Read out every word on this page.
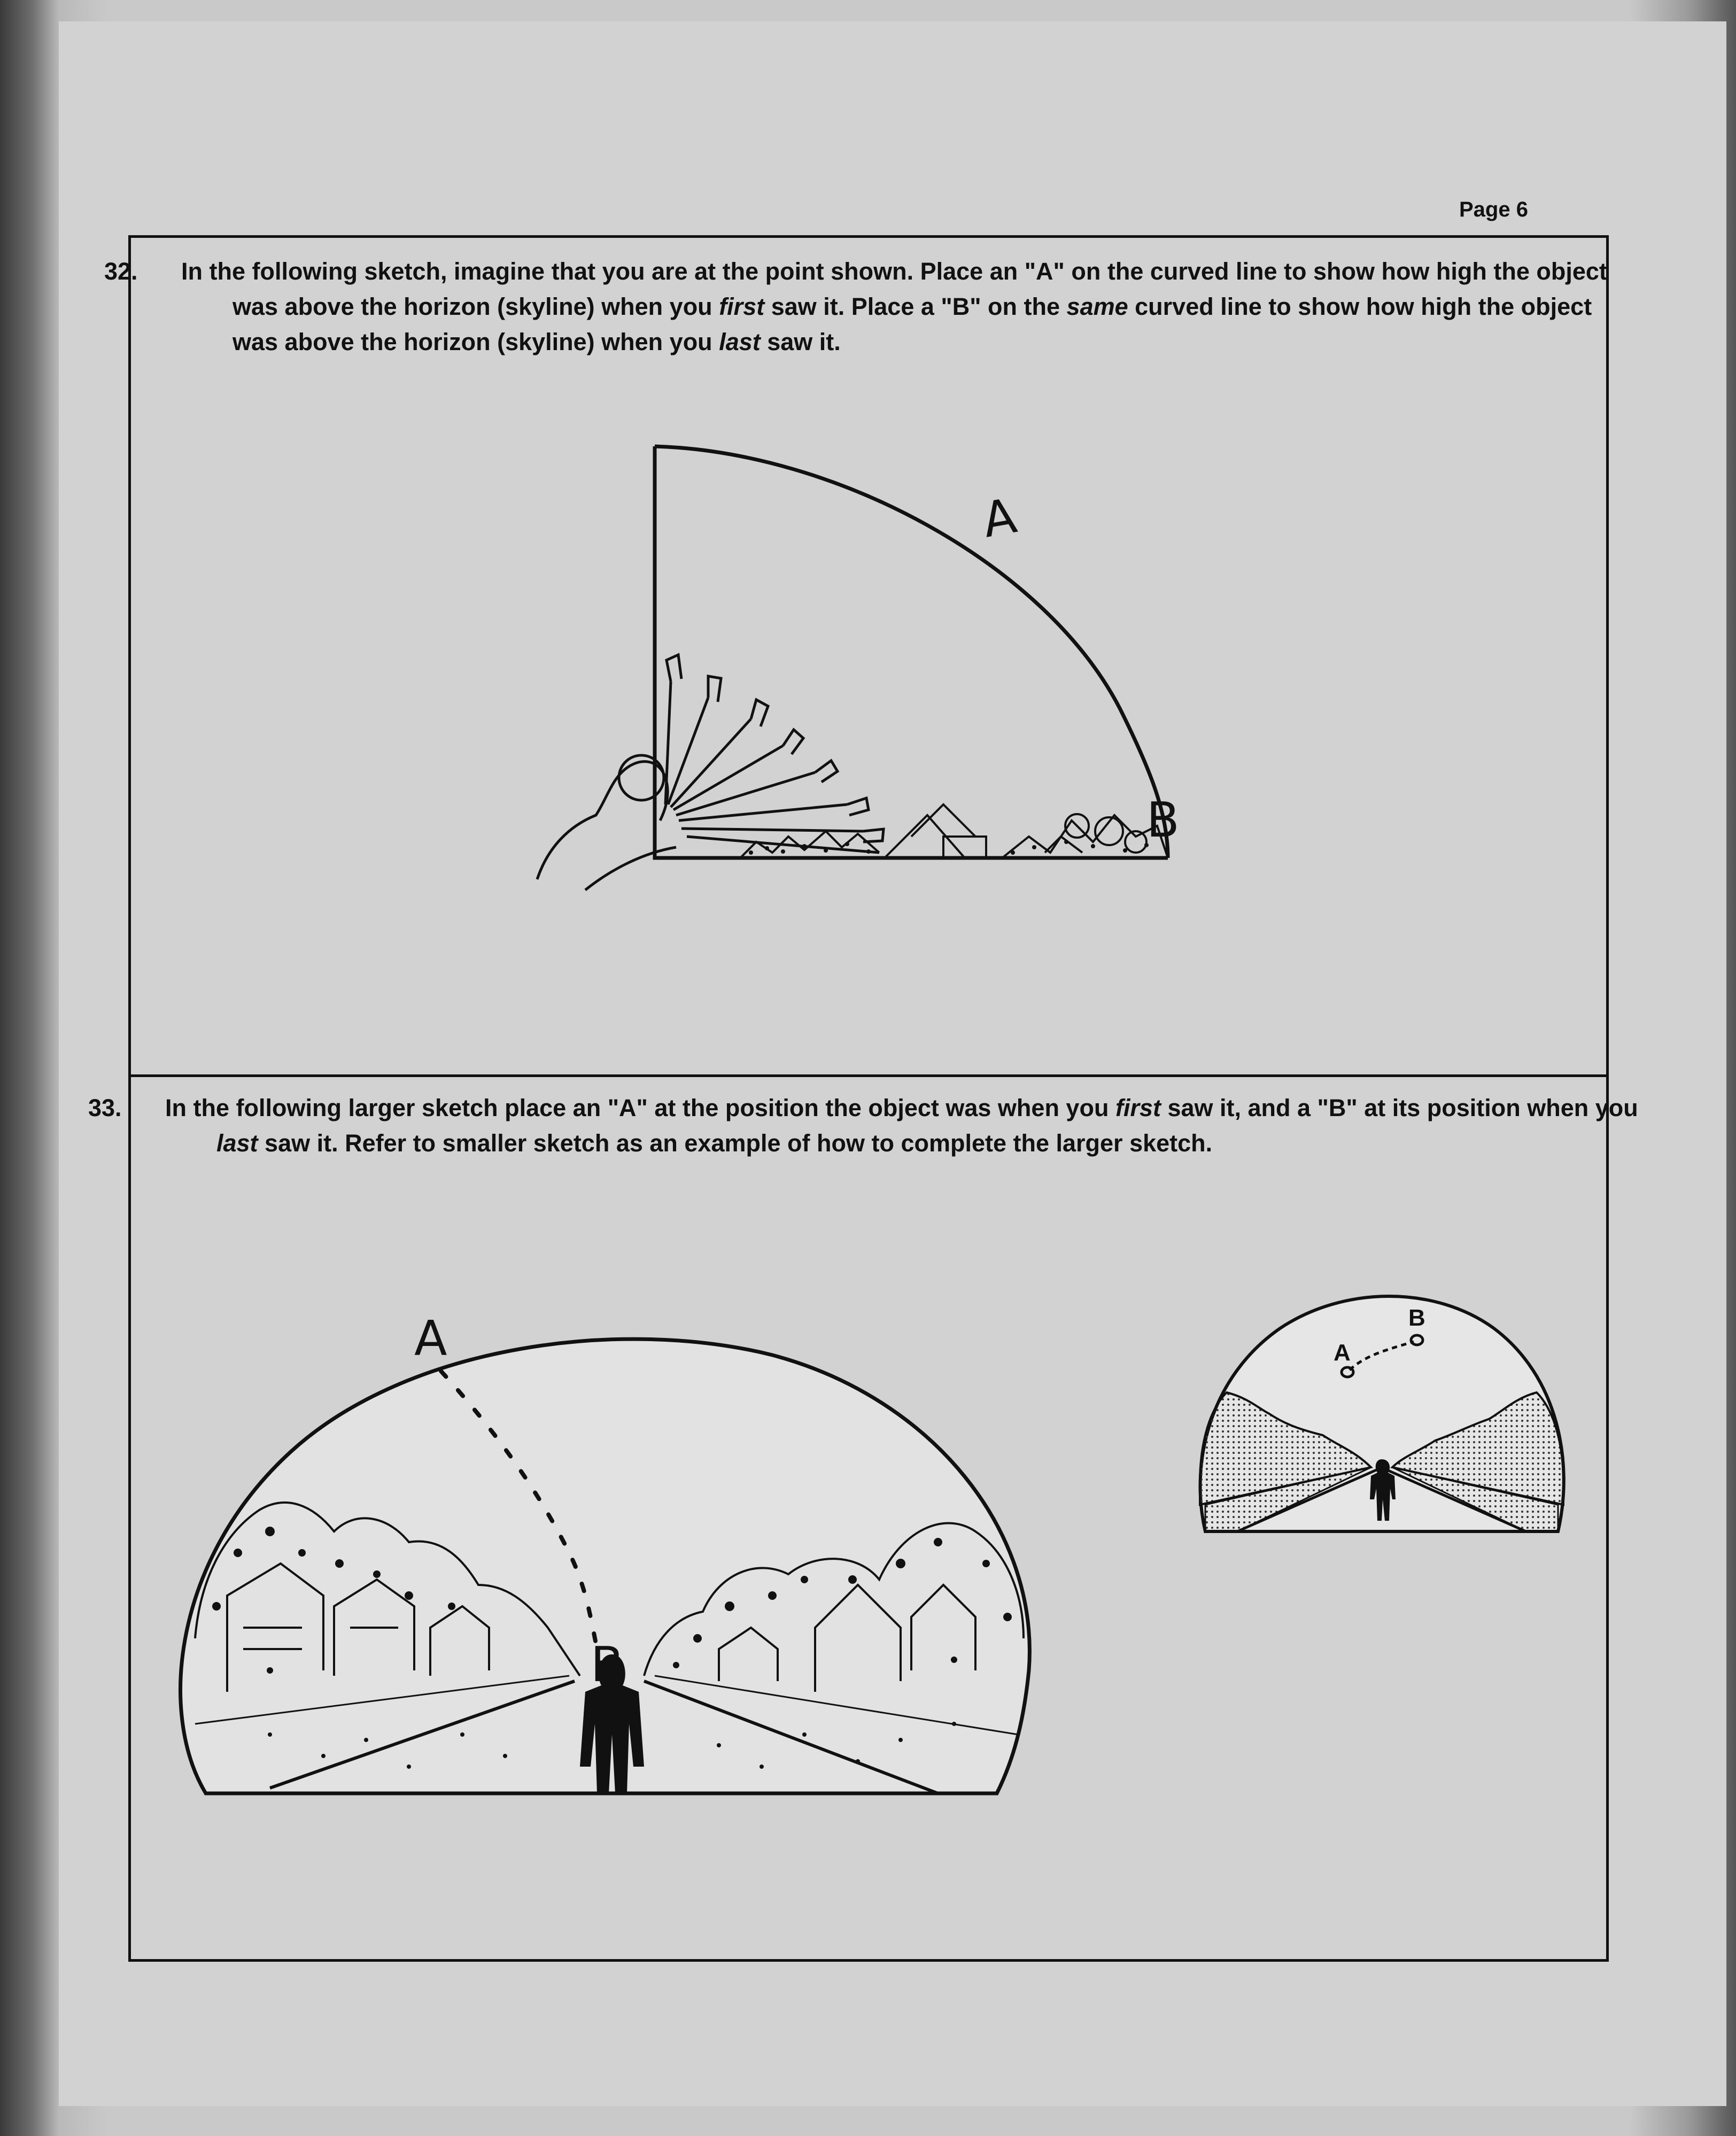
Page 6
32. In the following sketch, imagine that you are at the point shown. Place an "A" on the curved line to show how high the object was above the horizon (skyline) when you first saw it. Place a "B" on the same curved line to show how high the object was above the horizon (skyline) when you last saw it.
A
B
33. In the following larger sketch place an "A" at the position the object was when you first saw it, and a "B" at its position when you last saw it. Refer to smaller sketch as an example of how to complete the larger sketch.
A
B
A
B
